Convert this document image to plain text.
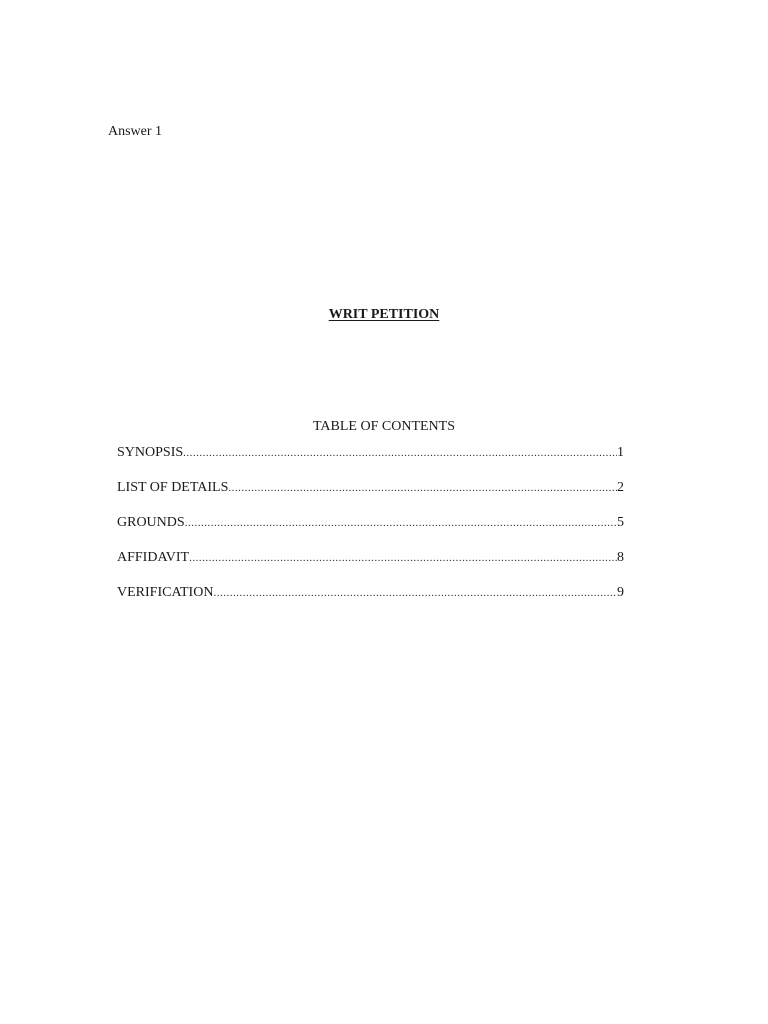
Answer 1
WRIT PETITION
TABLE OF CONTENTS
SYNOPSIS .....	1
LIST OF DETAILS .....	2
GROUNDS .....	5
AFFIDAVIT .....	8
VERIFICATION .....	9
